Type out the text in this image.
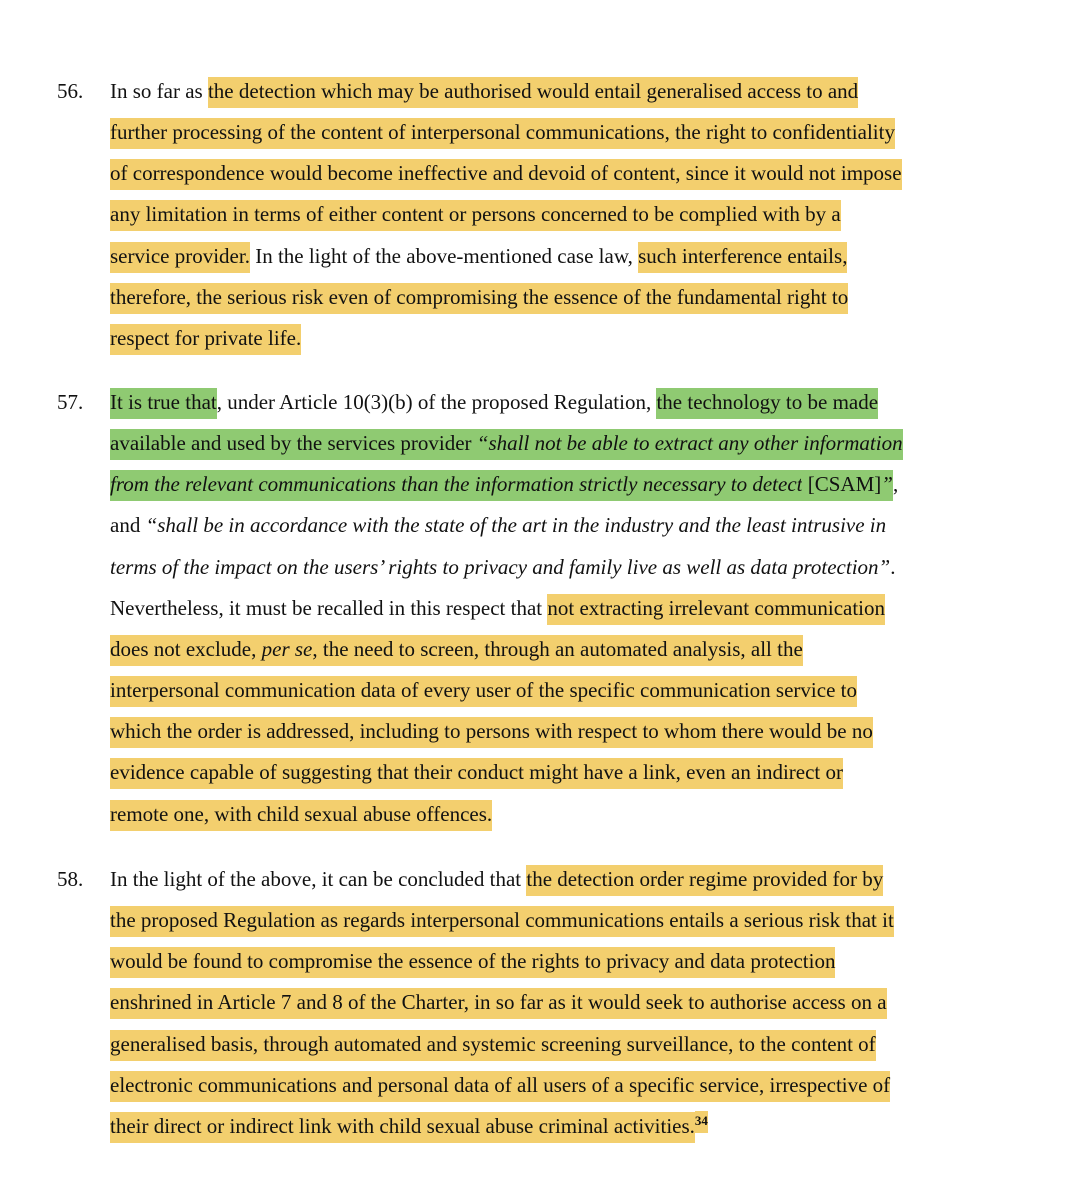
56. In so far as the detection which may be authorised would entail generalised access to and
further processing of the content of interpersonal communications, the right to confidentiality
of correspondence would become ineffective and devoid of content, since it would not impose
any limitation in terms of either content or persons concerned to be complied with by a
service provider. In the light of the above-mentioned case law, such interference entails,
therefore, the serious risk even of compromising the essence of the fundamental right to
respect for private life.
57. It is true that, under Article 10(3)(b) of the proposed Regulation, the technology to be made
available and used by the services provider “shall not be able to extract any other information
from the relevant communications than the information strictly necessary to detect [CSAM]”,
and “shall be in accordance with the state of the art in the industry and the least intrusive in
terms of the impact on the users’ rights to privacy and family live as well as data protection”.
Nevertheless, it must be recalled in this respect that not extracting irrelevant communication
does not exclude, per se, the need to screen, through an automated analysis, all the
interpersonal communication data of every user of the specific communication service to
which the order is addressed, including to persons with respect to whom there would be no
evidence capable of suggesting that their conduct might have a link, even an indirect or
remote one, with child sexual abuse offences.
58. In the light of the above, it can be concluded that the detection order regime provided for by
the proposed Regulation as regards interpersonal communications entails a serious risk that it
would be found to compromise the essence of the rights to privacy and data protection
enshrined in Article 7 and 8 of the Charter, in so far as it would seek to authorise access on a
generalised basis, through automated and systemic screening surveillance, to the content of
electronic communications and personal data of all users of a specific service, irrespective of
their direct or indirect link with child sexual abuse criminal activities.$^{34}$
